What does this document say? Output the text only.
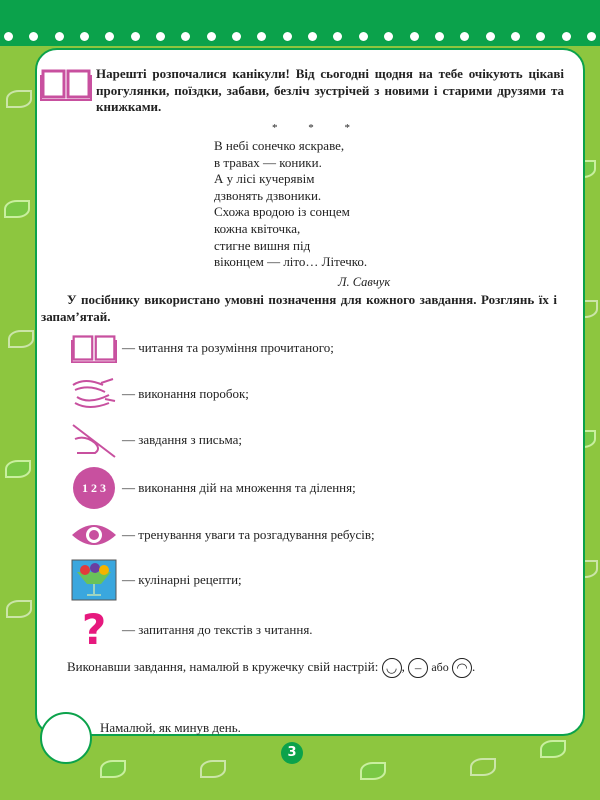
Нарешті розпочалися канікули! Від сьогодні щодня на тебе очікують цікаві прогулянки, поїздки, забави, безліч зустрічей з новими і старими друзями та книжками.
* * *
В небі сонечко яскраве,
в травах — коники.
А у лісі кучерявім
дзвонять дзвоники.
Схожа вродою із сонцем
кожна квіточка,
стигне вишня під
віконцем — літо… Літечко.
Л. Савчук
У посібнику використано умовні позначення для кожного завдання. Розглянь їх і запам’ятай.
— читання та розуміння прочитаного;
— виконання поробок;
— завдання з письма;
1 2 3	— виконання дій на множення та ділення;
— тренування уваги та розгадування ребусів;
— кулінарні рецепти;
? — запитання до текстів з читання.
Виконавши завдання, намалюй в кружечку свій настрій: ◡ , – або ◠ .
Намалюй, як минув день.
3
